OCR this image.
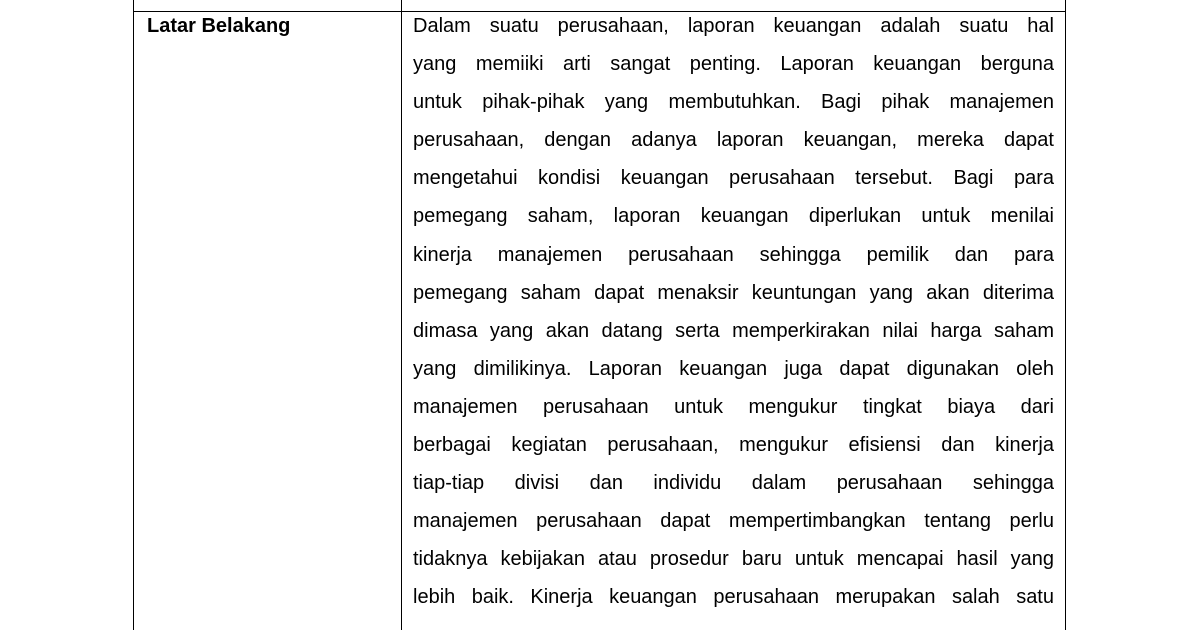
Latar Belakang	Dalam suatu perusahaan, laporan keuangan adalah suatu hal
yang memiiki arti sangat penting. Laporan keuangan berguna
untuk pihak-pihak yang membutuhkan. Bagi pihak manajemen
perusahaan, dengan adanya laporan keuangan, mereka dapat
mengetahui kondisi keuangan perusahaan tersebut. Bagi para
pemegang saham, laporan keuangan diperlukan untuk menilai
kinerja manajemen perusahaan sehingga pemilik dan para
pemegang saham dapat menaksir keuntungan yang akan diterima
dimasa yang akan datang serta memperkirakan nilai harga saham
yang dimilikinya. Laporan keuangan juga dapat digunakan oleh
manajemen perusahaan untuk mengukur tingkat biaya dari
berbagai kegiatan perusahaan, mengukur efisiensi dan kinerja
tiap-tiap divisi dan individu dalam perusahaan sehingga
manajemen perusahaan dapat mempertimbangkan tentang perlu
tidaknya kebijakan atau prosedur baru untuk mencapai hasil yang
lebih baik. Kinerja keuangan perusahaan merupakan salah satu
